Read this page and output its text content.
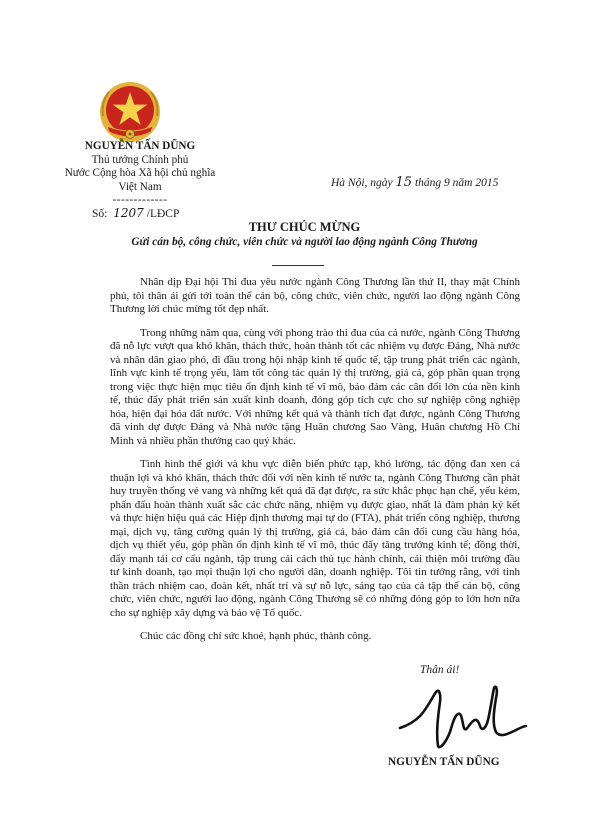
NGUYỄN TẤN DŨNG
Thủ tướng Chính phủ
Nước Cộng hòa Xã hội chủ nghĩa
Việt Nam
-------------
Số: 1207 /LĐCP
Hà Nội, ngày 15 tháng 9 năm 2015
THƯ CHÚC MỪNG
Gửi cán bộ, công chức, viên chức và người lao động ngành Công Thương

Nhân dịp Đại hội Thi đua yêu nước ngành Công Thương lần thứ II, thay mặt Chính phủ, tôi thân ái gửi tới toàn thể cán bộ, công chức, viên chức, người lao động ngành Công Thương lời chúc mừng tốt đẹp nhất.

Trong những năm qua, cùng với phong trào thi đua của cả nước, ngành Công Thương đã nỗ lực vượt qua khó khăn, thách thức, hoàn thành tốt các nhiệm vụ được Đảng, Nhà nước và nhân dân giao phó, đi đầu trong hội nhập kinh tế quốc tế, tập trung phát triển các ngành, lĩnh vực kinh tế trọng yếu, làm tốt công tác quản lý thị trường, giá cả, góp phần quan trọng trong việc thực hiện mục tiêu ổn định kinh tế vĩ mô, bảo đảm các cân đối lớn của nền kinh tế, thúc đẩy phát triển sản xuất kinh doanh, đóng góp tích cực cho sự nghiệp công nghiệp hóa, hiện đại hóa đất nước. Với những kết quả và thành tích đạt được, ngành Công Thương đã vinh dự được Đảng và Nhà nước tặng Huân chương Sao Vàng, Huân chương Hồ Chí Minh và nhiều phần thưởng cao quý khác.

Tình hình thế giới và khu vực diễn biến phức tạp, khó lường, tác động đan xen cả thuận lợi và khó khăn, thách thức đối với nền kinh tế nước ta, ngành Công Thương cần phát huy truyền thống vẻ vang và những kết quả đã đạt được, ra sức khắc phục hạn chế, yếu kém, phấn đấu hoàn thành xuất sắc các chức năng, nhiệm vụ được giao, nhất là đàm phán ký kết và thực hiện hiệu quả các Hiệp định thương mại tự do (FTA), phát triển công nghiệp, thương mại, dịch vụ, tăng cường quản lý thị trường, giá cả, bảo đảm cân đối cung cầu hàng hóa, dịch vụ thiết yếu, góp phần ổn định kinh tế vĩ mô, thúc đẩy tăng trưởng kinh tế; đồng thời, đẩy mạnh tái cơ cấu ngành, tập trung cải cách thủ tục hành chính, cải thiện môi trường đầu tư kinh doanh, tạo mọi thuận lợi cho người dân, doanh nghiệp. Tôi tin tưởng rằng, với tinh thần trách nhiệm cao, đoàn kết, nhất trí và sự nỗ lực, sáng tạo của cả tập thể cán bộ, công chức, viên chức, người lao động, ngành Công Thương sẽ có những đóng góp to lớn hơn nữa cho sự nghiệp xây dựng và bảo vệ Tổ quốc.

Chúc các đồng chí sức khoẻ, hạnh phúc, thành công.

Thân ái!
NGUYỄN TẤN DŨNG
